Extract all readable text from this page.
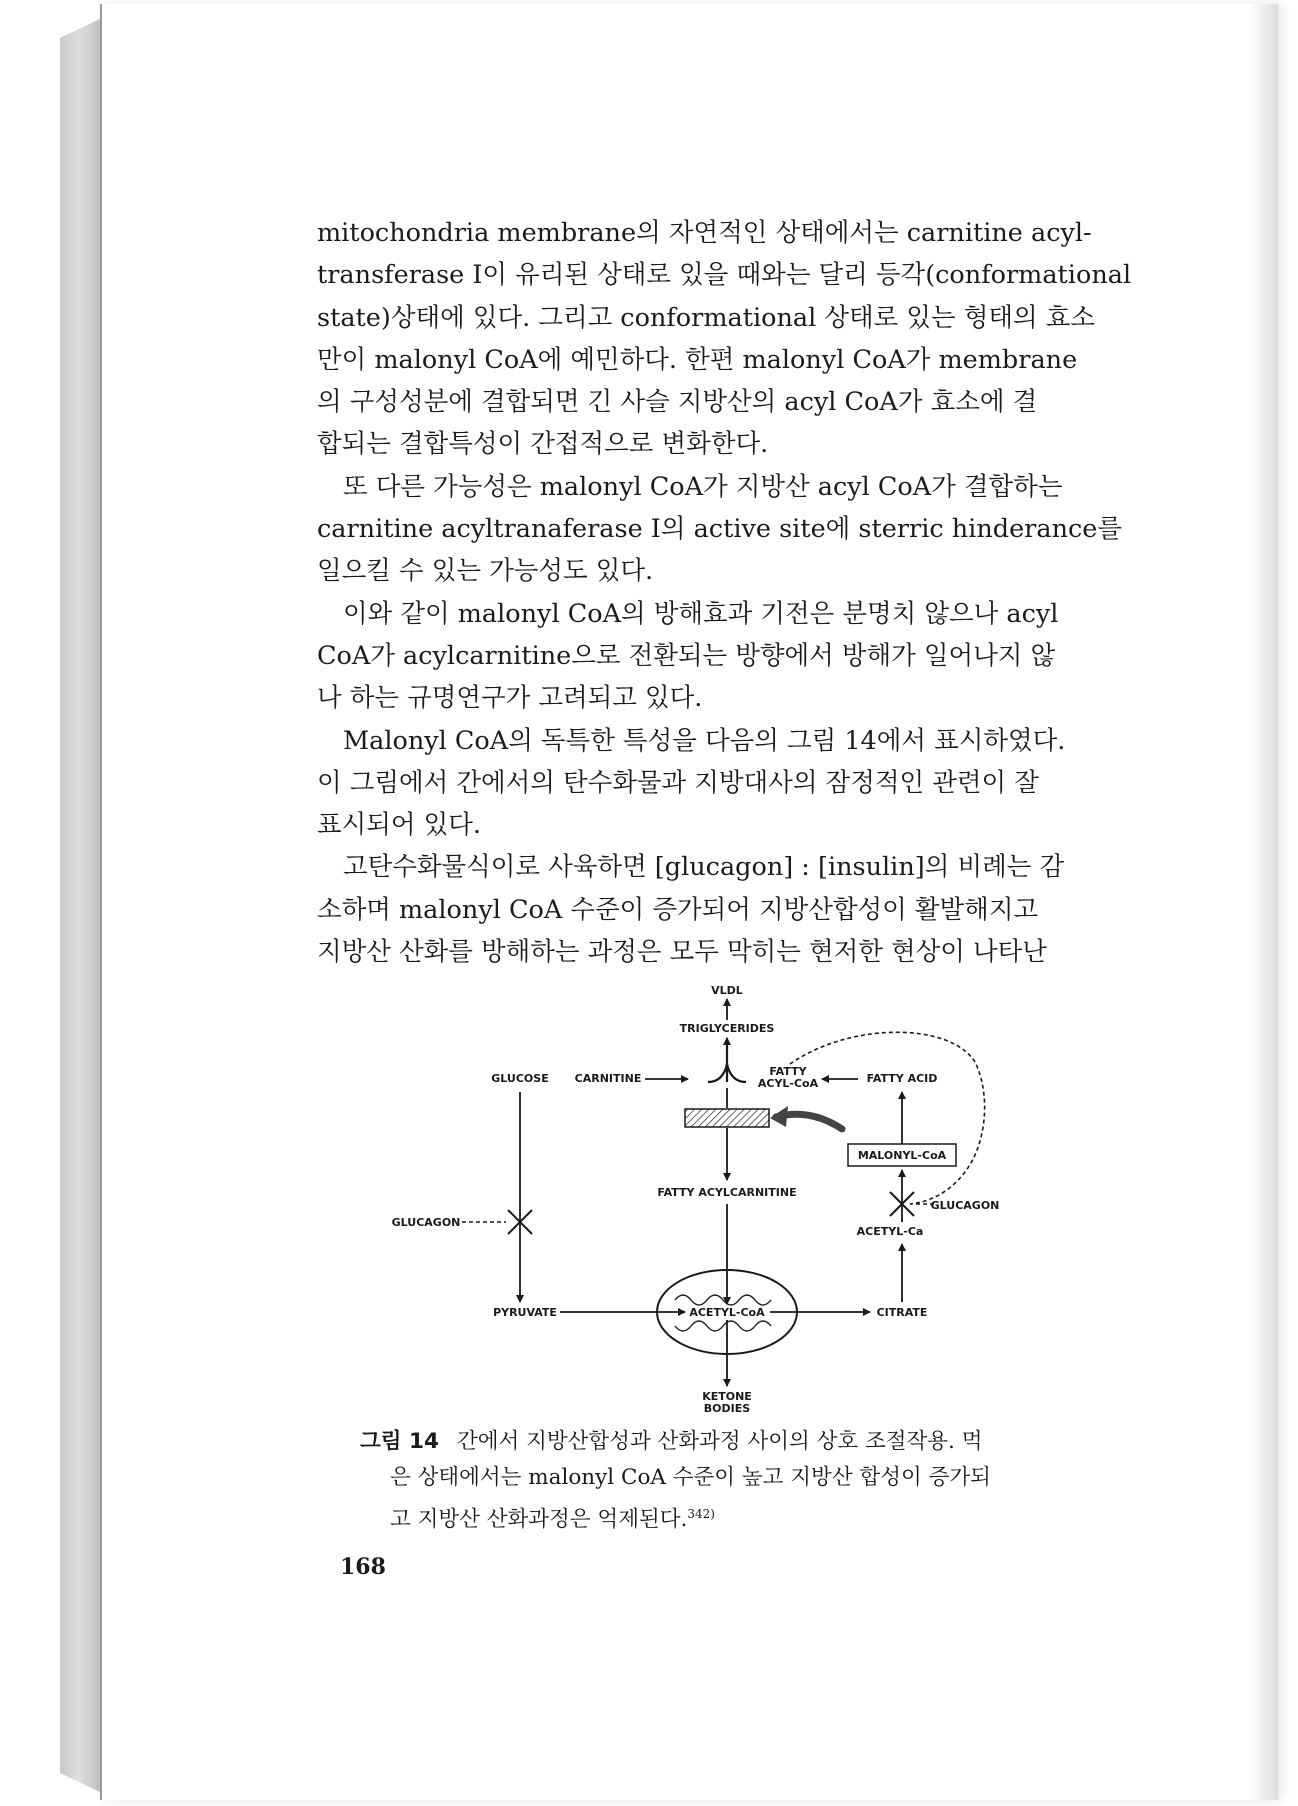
mitochondria membrane의 자연적인 상태에서는 carnitine acyl-
transferase I이 유리된 상태로 있을 때와는 달리 등각(conformational
state)상태에 있다. 그리고 conformational 상태로 있는 형태의 효소
만이 malonyl CoA에 예민하다. 한편 malonyl CoA가 membrane
의 구성성분에 결합되면 긴 사슬 지방산의 acyl CoA가 효소에 결
합되는 결합특성이 간접적으로 변화한다.

또 다른 가능성은 malonyl CoA가 지방산 acyl CoA가 결합하는
carnitine acyltranaferase I의 active site에 sterric hinderance를
일으킬 수 있는 가능성도 있다.

이와 같이 malonyl CoA의 방해효과 기전은 분명치 않으나 acyl
CoA가 acylcarnitine으로 전환되는 방향에서 방해가 일어나지 않
나 하는 규명연구가 고려되고 있다.

Malonyl CoA의 독특한 특성을 다음의 그림 14에서 표시하였다.
이 그림에서 간에서의 탄수화물과 지방대사의 잠정적인 관련이 잘
표시되어 있다.

고탄수화물식이로 사육하면 [glucagon] : [insulin]의 비례는 감
소하며 malonyl CoA 수준이 증가되어 지방산합성이 활발해지고
지방산 산화를 방해하는 과정은 모두 막히는 현저한 현상이 나타난

VLDL
TRIGLYCERIDES
GLUCOSE CARNITINE
FATTY
ACYL-CoA	FATTY ACID
MALONYL-CoA
FATTY ACYLCARNITINE
GLUCAGON
GLUCAGON
ACETYL-Ca
PYRUVATE	ACETYL-CoA	CITRATE
KETONE
BODIES

그림 14 간에서 지방산합성과 산화과정 사이의 상호 조절작용. 먹
은 상태에서는 malonyl CoA 수준이 높고 지방산 합성이 증가되
고 지방산 산화과정은 억제된다.$^{342)}$

168
